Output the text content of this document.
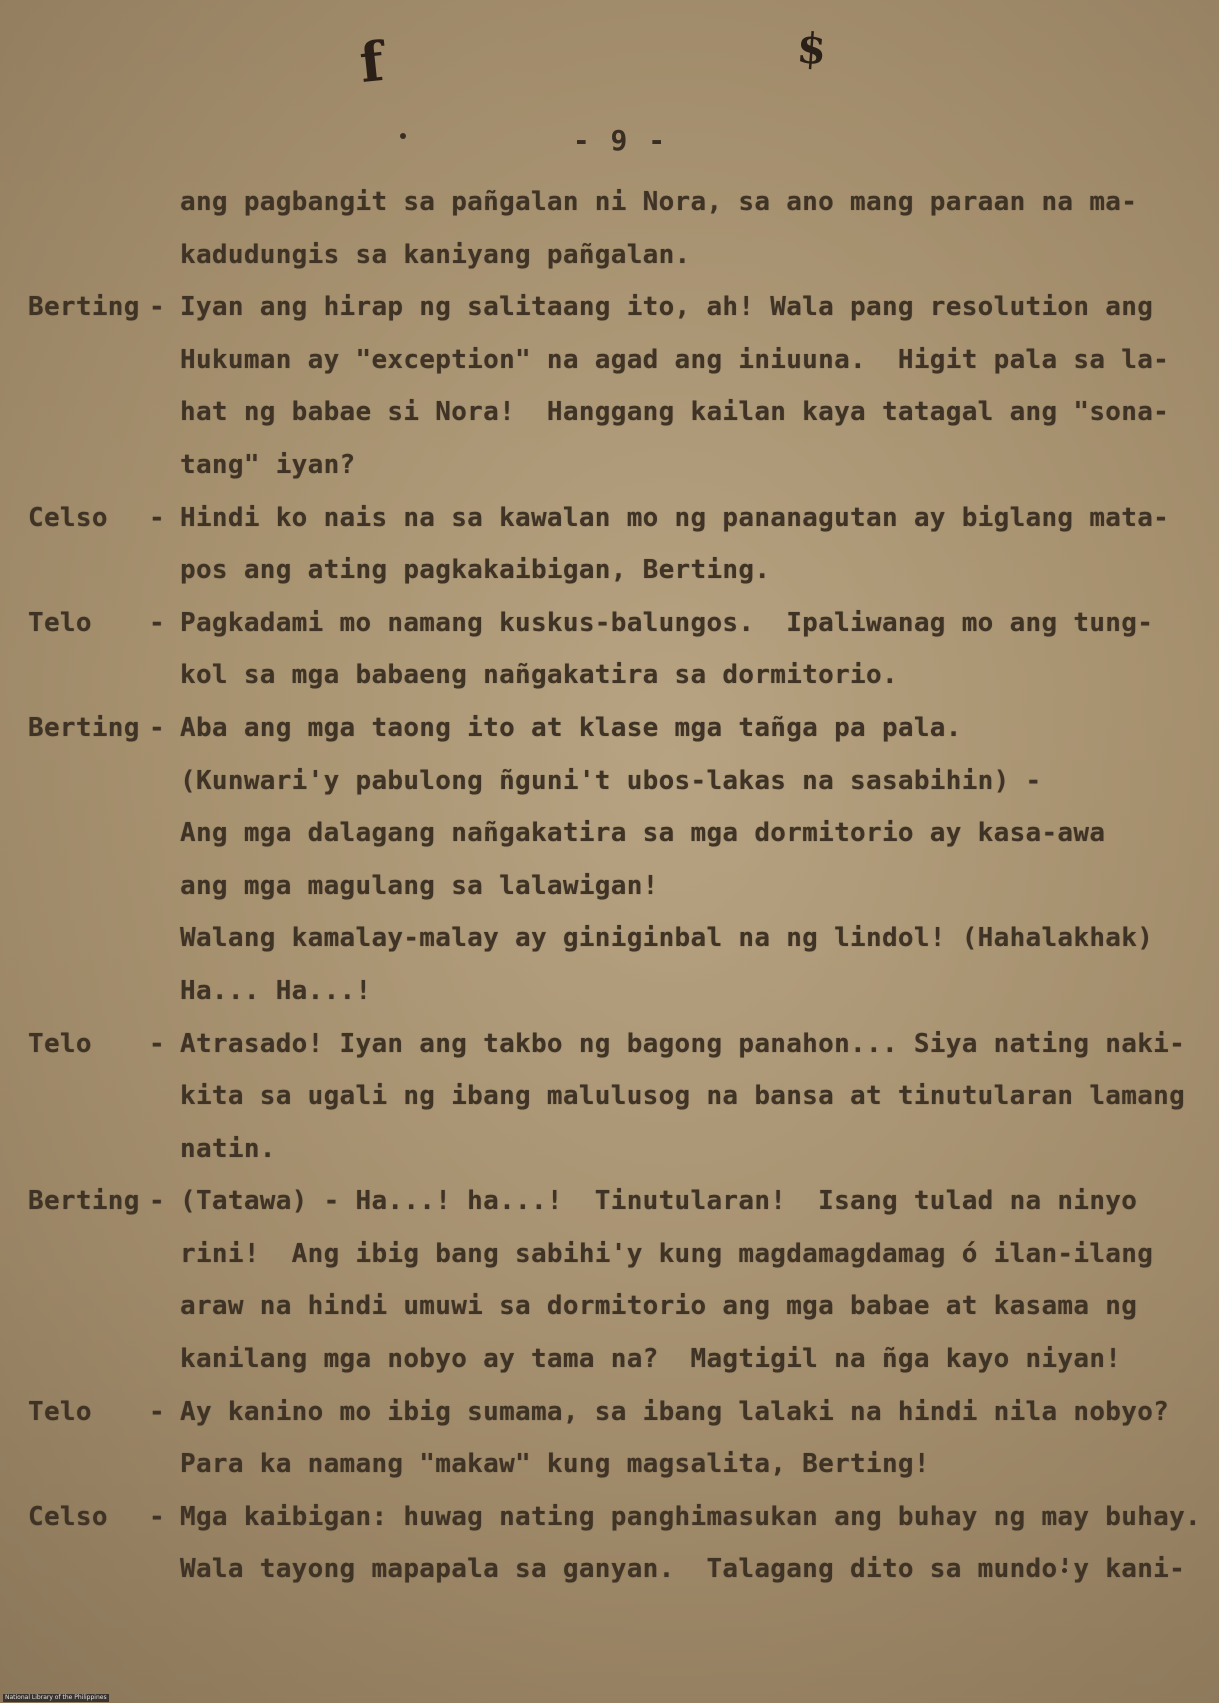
f	$
- 9 -
ang pagbangit sa pañgalan ni Nora, sa ano mang paraan na ma-
kadudungis sa kaniyang pañgalan.
Berting - Iyan ang hirap ng salitaang ito, ah! Wala pang resolution ang
Hukuman ay "exception" na agad ang iniuuna.  Higit pala sa la-
hat ng babae si Nora!  Hanggang kailan kaya tatagal ang "sona-
tang" iyan?
Celso	- Hindi ko nais na sa kawalan mo ng pananagutan ay biglang mata-
pos ang ating pagkakaibigan, Berting.
Telo	- Pagkadami mo namang kuskus-balungos.  Ipaliwanag mo ang tung-
kol sa mga babaeng nañgakatira sa dormitorio.
Berting - Aba ang mga taong ito at klase mga tañga pa pala.
(Kunwari'y pabulong ñguni't ubos-lakas na sasabihin) -
Ang mga dalagang nañgakatira sa mga dormitorio ay kasa-awa
ang mga magulang sa lalawigan!
Walang kamalay-malay ay giniginbal na ng lindol! (Hahalakhak)
Ha... Ha...!
Telo	- Atrasado! Iyan ang takbo ng bagong panahon... Siya nating naki-
kita sa ugali ng ibang malulusog na bansa at tinutularan lamang
natin.
Berting - (Tatawa) - Ha...! ha...!  Tinutularan!  Isang tulad na ninyo
rini!  Ang ibig bang sabihi'y kung magdamagdamag ó ilan-ilang
araw na hindi umuwi sa dormitorio ang mga babae at kasama ng
kanilang mga nobyo ay tama na?  Magtigil na ñga kayo niyan!
Telo	- Ay kanino mo ibig sumama, sa ibang lalaki na hindi nila nobyo?
Para ka namang "makaw" kung magsalita, Berting!
Celso	- Mga kaibigan: huwag nating panghimasukan ang buhay ng may buhay.
Wala tayong mapapala sa ganyan.  Talagang dito sa mundo'y kani-
National Library of the Philippines
